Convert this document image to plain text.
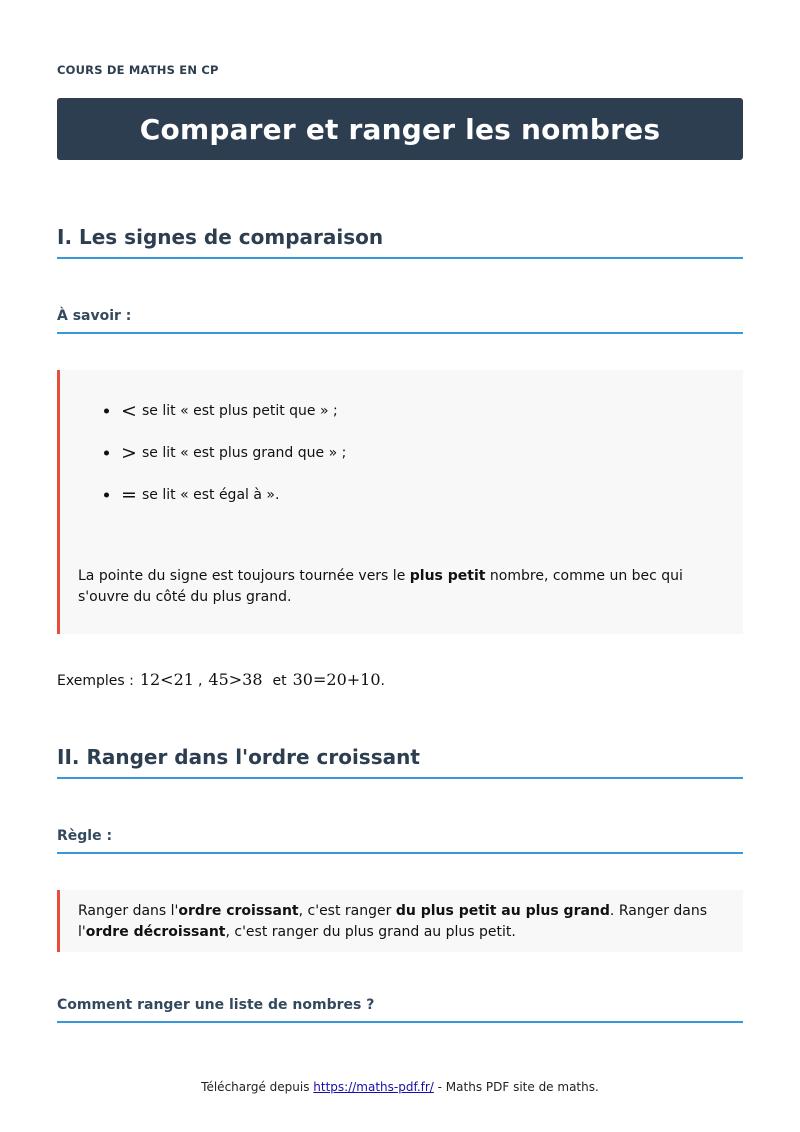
COURS DE MATHS EN CP
Comparer et ranger les nombres
I. Les signes de comparaison
À savoir :
< se lit « est plus petit que » ;
> se lit « est plus grand que » ;
= se lit « est égal à ».

La pointe du signe est toujours tournée vers le plus petit nombre, comme un bec qui s'ouvre du côté du plus grand.

Exemples : 12<21 , 45>38 et 30=20+10 .
II. Ranger dans l'ordre croissant
Règle :

Ranger dans l'ordre croissant, c'est ranger du plus petit au plus grand. Ranger dans l'ordre décroissant, c'est ranger du plus grand au plus petit.

Comment ranger une liste de nombres ?
Téléchargé depuis https://maths-pdf.fr/ - Maths PDF site de maths.
